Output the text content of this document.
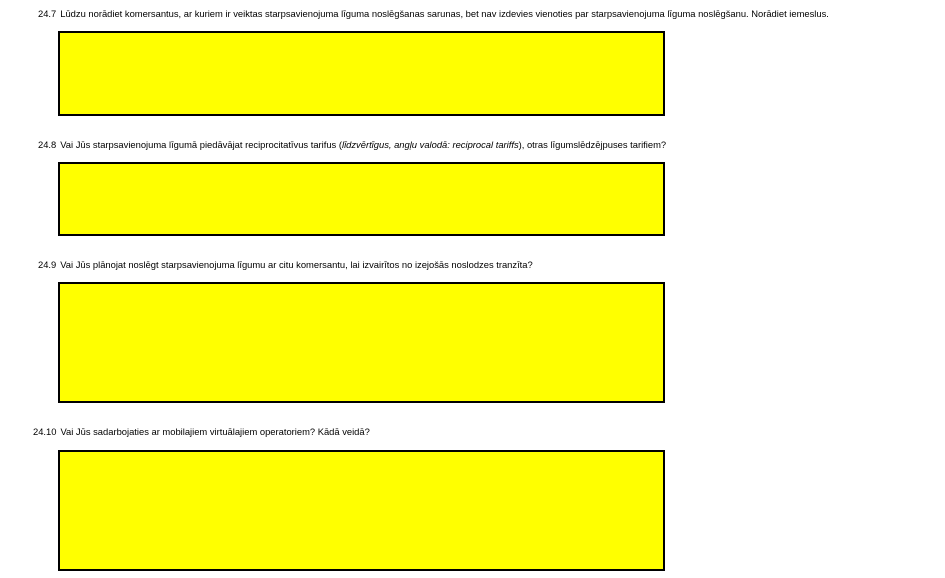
24.7 Lūdzu norādiet komersantus, ar kuriem ir veiktas starpsavienojuma līguma noslēgšanas sarunas, bet nav izdevies vienoties par starpsavienojuma līguma noslēgšanu. Norādiet iemeslus.
24.8 Vai Jūs starpsavienojuma līgumā piedāvājat reciprocitatīvus tarifus (līdzvērtīgus, angļu valodā: reciprocal tariffs), otras līgumslēdzējpuses tarifiem?
24.9 Vai Jūs plānojat noslēgt starpsavienojuma līgumu ar citu komersantu, lai izvairītos no izejošās noslodzes tranzīta?
24.10 Vai Jūs sadarbojaties ar mobilajiem virtuālajiem operatoriem? Kādā veidā?
